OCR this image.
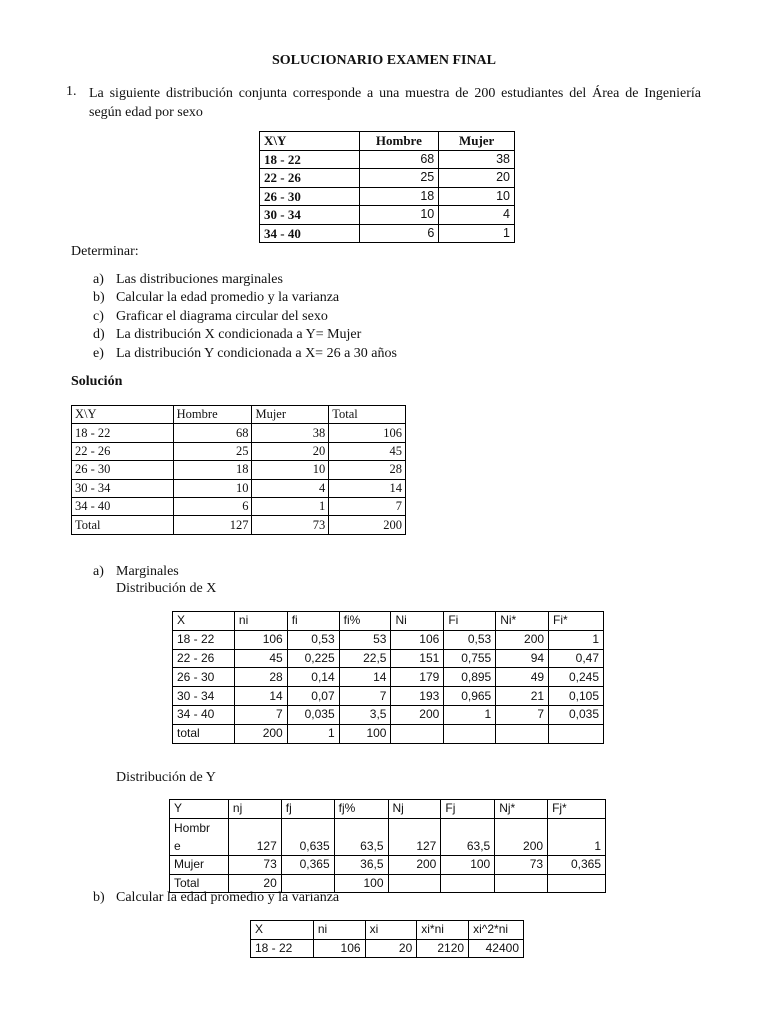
SOLUCIONARIO EXAMEN FINAL
1. La siguiente distribución conjunta corresponde a una muestra de 200 estudiantes del Área de Ingeniería según edad por sexo
X\Y	Hombre	Mujer
18 - 22	68	38
22 - 26	25	20
26 - 30	18	10
30 - 34	10	4
34 - 40	6	1
Determinar:
a) Las distribuciones marginales
b) Calcular la edad promedio y la varianza
c) Graficar el diagrama circular del sexo
d) La distribución X condicionada a Y= Mujer
e) La distribución Y condicionada a X= 26 a 30 años
Solución
X\Y	Hombre	Mujer	Total
18 - 22	68	38	106
22 - 26	25	20	45
26 - 30	18	10	28
30 - 34	10	4	14
34 - 40	6	1	7
Total	127	73	200
a) Marginales
Distribución de X
X	ni	fi	fi%	Ni	Fi	Ni*	Fi*
18 - 22	106	0,53	53	106	0,53	200	1
22 - 26	45	0,225	22,5	151	0,755	94	0,47
26 - 30	28	0,14	14	179	0,895	49	0,245
30 - 34	14	0,07	7	193	0,965	21	0,105
34 - 40	7	0,035	3,5	200	1	7	0,035
total	200	1	100				
Distribución de Y
Y	nj	fj	fj%	Nj	Fj	Nj*	Fj*
Hombr
e	127	0,635	63,5	127	63,5	200	1
Mujer	73	0,365	36,5	200	100	73	0,365
Total	20		100				
b) Calcular la edad promedio y la varianza
X	ni	xi	xi*ni	xi^2*ni
18 - 22	106	20	2120	42400
